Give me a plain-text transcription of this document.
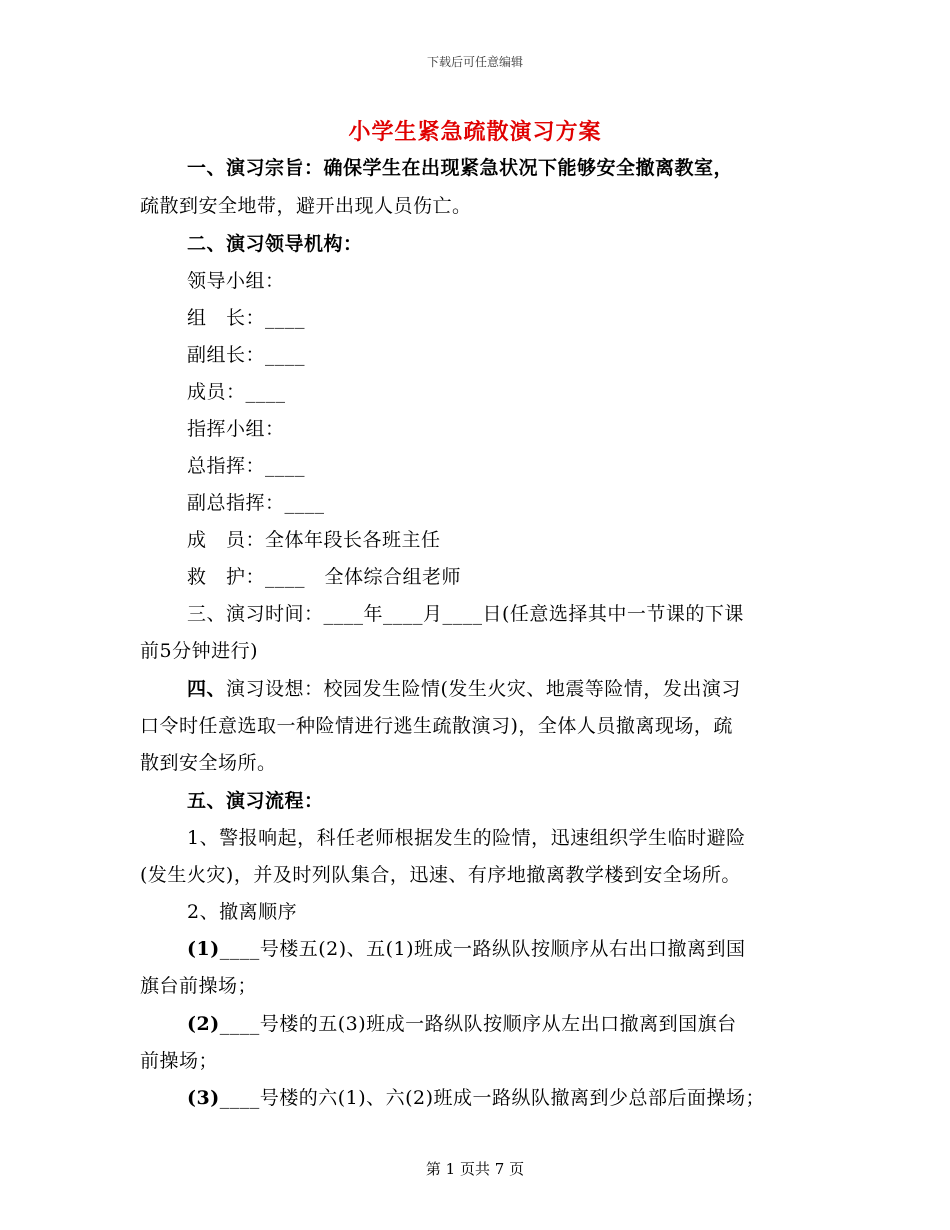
下载后可任意编辑
小学生紧急疏散演习方案
一、演习宗旨：确保学生在出现紧急状况下能够安全撤离教室，
疏散到安全地带，避开出现人员伤亡。
二、演习领导机构：
领导小组：
组　长：____
副组长：____
成员：____
指挥小组：
总指挥：____
副总指挥：____
成　员：全体年段长各班主任
救　护：____　全体综合组老师
三、演习时间：____年____月____日(任意选择其中一节课的下课
前5分钟进行)
四、演习设想：校园发生险情(发生火灾、地震等险情，发出演习
口令时任意选取一种险情进行逃生疏散演习)，全体人员撤离现场，疏
散到安全场所。
五、演习流程：
1、警报响起，科任老师根据发生的险情，迅速组织学生临时避险
(发生火灾)，并及时列队集合，迅速、有序地撤离教学楼到安全场所。
2、撤离顺序
(1)____号楼五(2)、五(1)班成一路纵队按顺序从右出口撤离到国
旗台前操场；
(2)____号楼的五(3)班成一路纵队按顺序从左出口撤离到国旗台
前操场；
(3)____号楼的六(1)、六(2)班成一路纵队撤离到少总部后面操场；
第 1 页共 7 页
